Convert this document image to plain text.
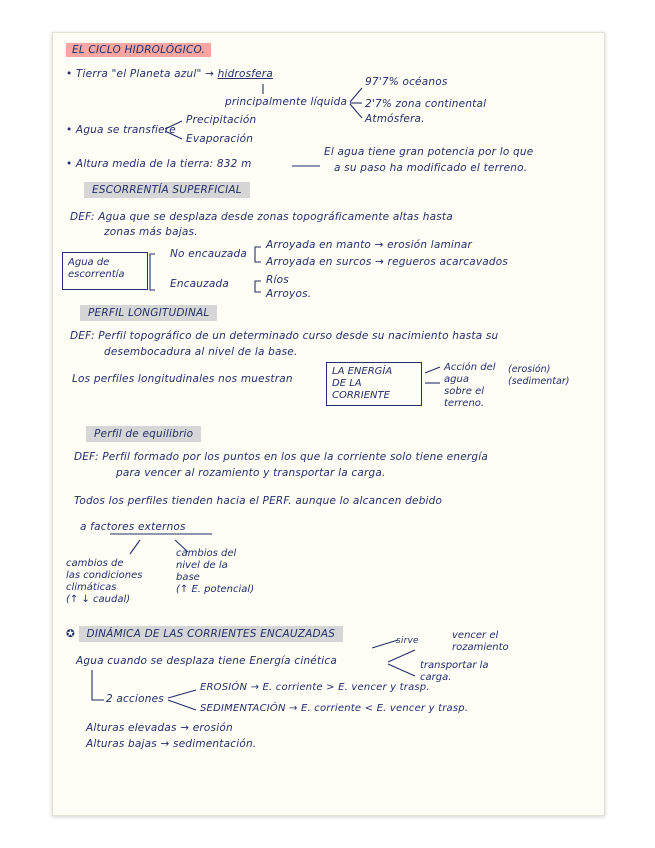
EL CICLO HIDROLÓGICO.
• Tierra "el Planeta azul" → hidrosfera
principalmente líquida
97'7% océanos
2'7% zona continental
Atmósfera.
• Agua se transfiere
Precipitación
Evaporación
• Altura media de la tierra: 832 m
El agua tiene gran potencia por lo que
a su paso ha modificado el terreno.
ESCORRENTÍA SUPERFICIAL
DEF: Agua que se desplaza desde zonas topográficamente altas hasta
zonas más bajas.
Agua de
escorrentía
No encauzada
Arroyada en manto → erosión laminar
Arroyada en surcos → regueros acarcavados
Encauzada	Ríos
Arroyos.
PERFIL LONGITUDINAL
DEF: Perfil topográfico de un determinado curso desde su nacimiento hasta su
desembocadura al nivel de la base.
Los perfiles longitudinales nos muestran
LA ENERGÍA
DE LA
CORRIENTE
Acción del
agua
sobre el
terreno.
(erosión)
(sedimentar)
Perfil de equilibrio
DEF: Perfil formado por los puntos en los que la corriente solo tiene energía
para vencer al rozamiento y transportar la carga.
Todos los perfiles tienden hacia el PERF. aunque lo alcancen debido
a factores externos
cambios de
las condiciones
climáticas
(↑ ↓ caudal)
cambios del
nivel de la
base
(↑ E. potencial)
✪ DINÁMICA DE LAS CORRIENTES ENCAUZADAS
sirve	vencer el
rozamiento
Agua cuando se desplaza tiene Energía cinética	transportar la
carga.
2 acciones
EROSIÓN → E. corriente > E. vencer y trasp.
SEDIMENTACIÓN → E. corriente < E. vencer y trasp.
Alturas elevadas → erosión
Alturas bajas → sedimentación.
